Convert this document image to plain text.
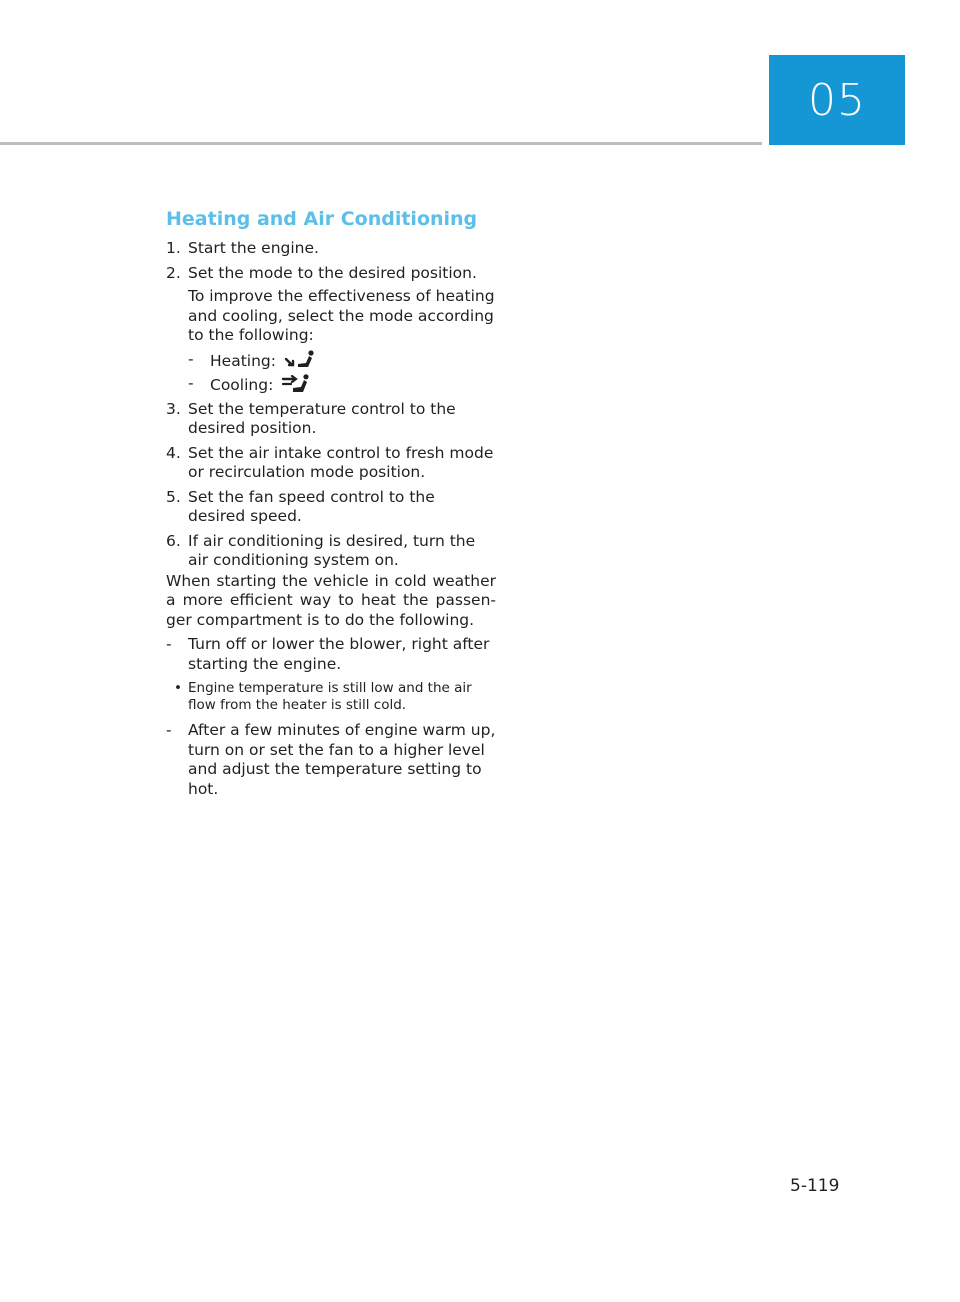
05
Heating and Air Conditioning
1. Start the engine.
2. Set the mode to the desired position.
To improve the effectiveness of heating and cooling, select the mode according to the following:
- Heating:
- Cooling:
3. Set the temperature control to the desired position.
4. Set the air intake control to fresh mode or recirculation mode position.
5. Set the fan speed control to the desired speed.
6. If air conditioning is desired, turn the air conditioning system on.
When starting the vehicle in cold weather a more efficient way to heat the passen-ger compartment is to do the following.
- Turn off or lower the blower, right after starting the engine.
• Engine temperature is still low and the air flow from the heater is still cold.
- After a few minutes of engine warm up, turn on or set the fan to a higher level and adjust the temperature setting to hot.
5-119
